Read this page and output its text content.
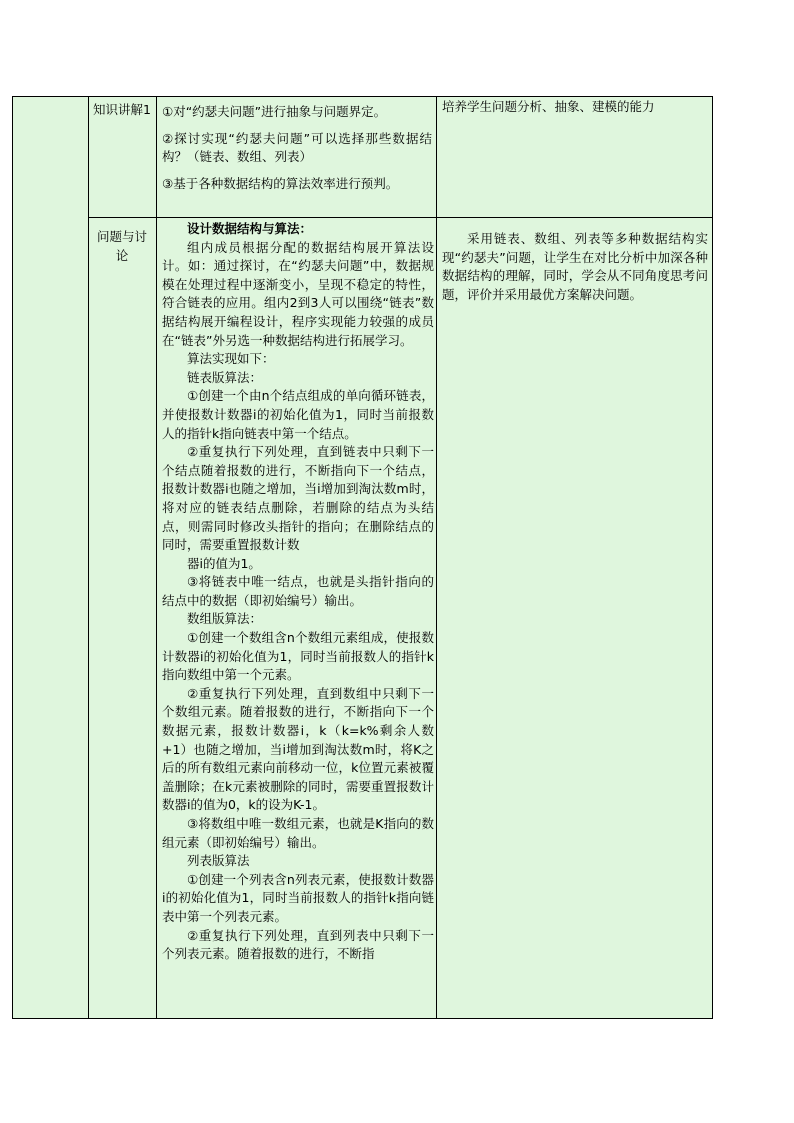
知识讲解1 ①对“约瑟夫问题”进行抽象与问题界定。

②探讨实现“约瑟夫问题”可以选择那些数据结构？（链表、数组、列表）

③基于各种数据结构的算法效率进行预判。

培养学生问题分析、抽象、建模的能力

问题与讨论

设计数据结构与算法：

组内成员根据分配的数据结构展开算法设计。如：通过探讨，在“约瑟夫问题”中，数据规模在处理过程中逐渐变小，呈现不稳定的特性，符合链表的应用。组内2到3人可以围绕“链表”数据结构展开编程设计，程序实现能力较强的成员在“链表”外另选一种数据结构进行拓展学习。

算法实现如下：

链表版算法：

①创建一个由n个结点组成的单向循环链表，并使报数计数器i的初始化值为1，同时当前报数人的指针k指向链表中第一个结点。

②重复执行下列处理，直到链表中只剩下一个结点随着报数的进行，不断指向下一个结点，报数计数器i也随之增加，当i增加到淘汰数m时，将对应的链表结点删除，若删除的结点为头结点，则需同时修改头指针的指向；在删除结点的同时，需要重置报数计数

器i的值为1。

③将链表中唯一结点，也就是头指针指向的结点中的数据（即初始编号）输出。

数组版算法：

①创建一个数组含n个数组元素组成，使报数计数器i的初始化值为1，同时当前报数人的指针k指向数组中第一个元素。

②重复执行下列处理，直到数组中只剩下一个数组元素。随着报数的进行，不断指向下一个数据元素，报数计数器i，k（k=k%剩余人数+1）也随之增加，当i增加到淘汰数m时，将K之后的所有数组元素向前移动一位，k位置元素被覆盖删除；在k元素被删除的同时，需要重置报数计数器i的值为0，k的设为K-1。

③将数组中唯一数组元素，也就是K指向的数组元素（即初始编号）输出。

列表版算法

①创建一个列表含n列表元素，使报数计数器i的初始化值为1，同时当前报数人的指针k指向链表中第一个列表元素。

②重复执行下列处理，直到列表中只剩下一个列表元素。随着报数的进行，不断指

采用链表、数组、列表等多种数据结构实现“约瑟夫”问题，让学生在对比分析中加深各种数据结构的理解，同时，学会从不同角度思考问题，评价并采用最优方案解决问题。
